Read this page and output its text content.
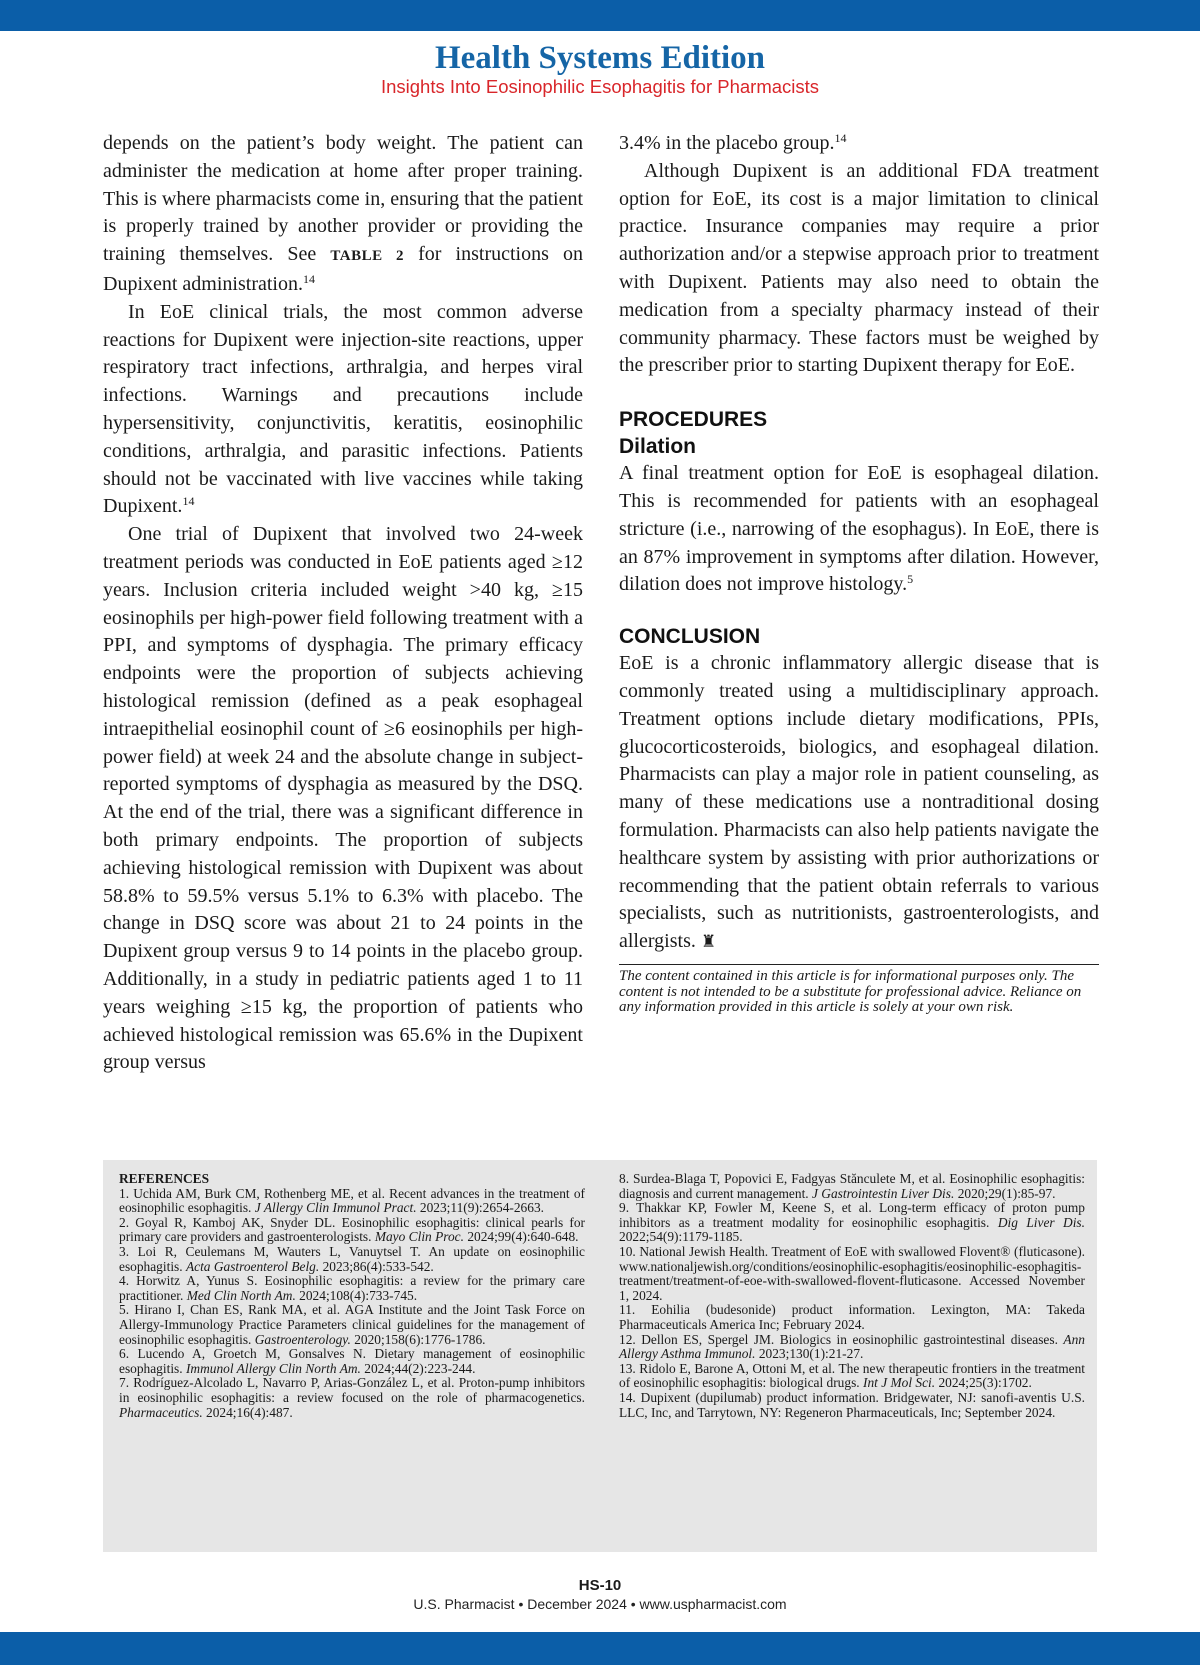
Health Systems Edition
Insights Into Eosinophilic Esophagitis for Pharmacists

depends on the patient’s body weight. The patient can administer the medication at home after proper training. This is where pharmacists come in, ensuring that the patient is properly trained by another provider or providing the training themselves. See TABLE 2 for instructions on Dupixent administration.$^{14}$

In EoE clinical trials, the most common adverse reactions for Dupixent were injection-site reactions, upper respiratory tract infections, arthralgia, and herpes viral infections. Warnings and precautions include hypersensitivity, conjunctivitis, keratitis, eosinophilic conditions, arthralgia, and parasitic infections. Patients should not be vaccinated with live vaccines while taking Dupixent.$^{14}$

One trial of Dupixent that involved two 24-week treatment periods was conducted in EoE patients aged ≥12 years. Inclusion criteria included weight >40 kg, ≥15 eosinophils per high-power field following treatment with a PPI, and symptoms of dysphagia. The primary efficacy endpoints were the proportion of subjects achieving histological remission (defined as a peak esophageal intraepithelial eosinophil count of ≥6 eosinophils per high-power field) at week 24 and the absolute change in subject-reported symptoms of dysphagia as measured by the DSQ. At the end of the trial, there was a significant difference in both primary endpoints. The proportion of subjects achieving histological remission with Dupixent was about 58.8% to 59.5% versus 5.1% to 6.3% with placebo. The change in DSQ score was about 21 to 24 points in the Dupixent group versus 9 to 14 points in the placebo group. Additionally, in a study in pediatric patients aged 1 to 11 years weighing ≥15 kg, the proportion of patients who achieved histological remission was 65.6% in the Dupixent group versus

3.4% in the placebo group.$^{14}$

Although Dupixent is an additional FDA treatment option for EoE, its cost is a major limitation to clinical practice. Insurance companies may require a prior authorization and/or a stepwise approach prior to treatment with Dupixent. Patients may also need to obtain the medication from a specialty pharmacy instead of their community pharmacy. These factors must be weighed by the prescriber prior to starting Dupixent therapy for EoE.

PROCEDURES
Dilation

A final treatment option for EoE is esophageal dilation. This is recommended for patients with an esophageal stricture (i.e., narrowing of the esophagus). In EoE, there is an 87% improvement in symptoms after dilation. However, dilation does not improve histology.$^5$

CONCLUSION

EoE is a chronic inflammatory allergic disease that is commonly treated using a multidisciplinary approach. Treatment options include dietary modifications, PPIs, glucocorticosteroids, biologics, and esophageal dilation. Pharmacists can play a major role in patient counseling, as many of these medications use a nontraditional dosing formulation. Pharmacists can also help patients navigate the healthcare system by assisting with prior authorizations or recommending that the patient obtain referrals to various specialists, such as nutritionists, gastroenterologists, and allergists. ♜

The content contained in this article is for informational purposes only. The content is not intended to be a substitute for professional advice. Reliance on any information provided in this article is solely at your own risk.

REFERENCES

1. Uchida AM, Burk CM, Rothenberg ME, et al. Recent advances in the treatment of eosinophilic esophagitis. J Allergy Clin Immunol Pract. 2023;11(9):2654-2663.

2. Goyal R, Kamboj AK, Snyder DL. Eosinophilic esophagitis: clinical pearls for primary care providers and gastroenterologists. Mayo Clin Proc. 2024;99(4):640-648.

3. Loi R, Ceulemans M, Wauters L, Vanuytsel T. An update on eosinophilic esophagitis. Acta Gastroenterol Belg. 2023;86(4):533-542.

4. Horwitz A, Yunus S. Eosinophilic esophagitis: a review for the primary care practitioner. Med Clin North Am. 2024;108(4):733-745.

5. Hirano I, Chan ES, Rank MA, et al. AGA Institute and the Joint Task Force on Allergy-Immunology Practice Parameters clinical guidelines for the management of eosinophilic esophagitis. Gastroenterology. 2020;158(6):1776-1786.

6. Lucendo A, Groetch M, Gonsalves N. Dietary management of eosinophilic esophagitis. Immunol Allergy Clin North Am. 2024;44(2):223-244.

7. Rodríguez-Alcolado L, Navarro P, Arias-González L, et al. Proton-pump inhibitors in eosinophilic esophagitis: a review focused on the role of pharmacogenetics. Pharmaceutics. 2024;16(4):487.

8. Surdea-Blaga T, Popovici E, Fadgyas Stănculete M, et al. Eosinophilic esophagitis: diagnosis and current management. J Gastrointestin Liver Dis. 2020;29(1):85-97.

9. Thakkar KP, Fowler M, Keene S, et al. Long-term efficacy of proton pump inhibitors as a treatment modality for eosinophilic esophagitis. Dig Liver Dis. 2022;54(9):1179-1185.

10. National Jewish Health. Treatment of EoE with swallowed Flovent® (fluticasone). www.nationaljewish.org/conditions/eosinophilic-esophagitis/eosinophilic-esophagitis-treatment/treatment-of-eoe-with-swallowed-flovent-fluticasone. Accessed November 1, 2024.

11. Eohilia (budesonide) product information. Lexington, MA: Takeda Pharmaceuticals America Inc; February 2024.

12. Dellon ES, Spergel JM. Biologics in eosinophilic gastrointestinal diseases. Ann Allergy Asthma Immunol. 2023;130(1):21-27.

13. Ridolo E, Barone A, Ottoni M, et al. The new therapeutic frontiers in the treatment of eosinophilic esophagitis: biological drugs. Int J Mol Sci. 2024;25(3):1702.

14. Dupixent (dupilumab) product information. Bridgewater, NJ: sanofi-aventis U.S. LLC, Inc, and Tarrytown, NY: Regeneron Pharmaceuticals, Inc; September 2024.

HS-10
U.S. Pharmacist • December 2024 • www.uspharmacist.com
